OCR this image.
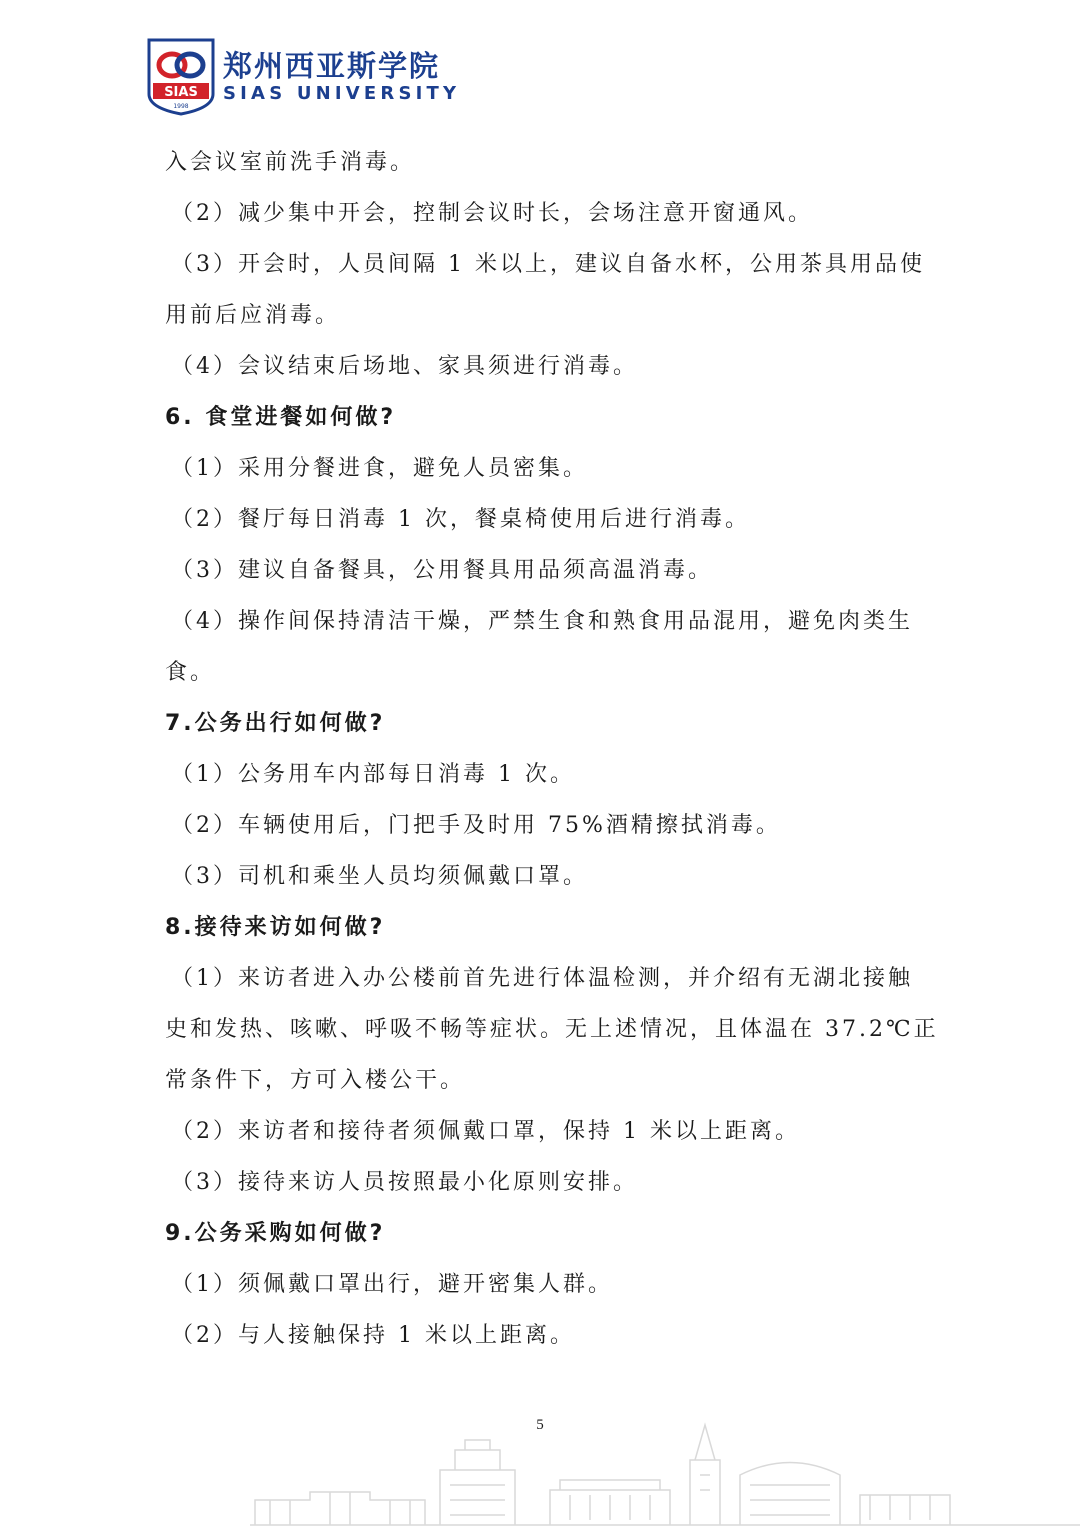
SIAS
1998
郑州西亚斯学院
SIAS UNIVERSITY
入会议室前洗手消毒。
（2）减少集中开会，控制会议时长，会场注意开窗通风。
（3）开会时，人员间隔 1 米以上，建议自备水杯，公用茶具用品使
用前后应消毒。
（4）会议结束后场地、家具须进行消毒。
6. 食堂进餐如何做?
（1）采用分餐进食，避免人员密集。
（2）餐厅每日消毒 1 次，餐桌椅使用后进行消毒。
（3）建议自备餐具，公用餐具用品须高温消毒。
（4）操作间保持清洁干燥，严禁生食和熟食用品混用，避免肉类生
食。
7.公务出行如何做?
（1）公务用车内部每日消毒 1 次。
（2）车辆使用后，门把手及时用 75%酒精擦拭消毒。
（3）司机和乘坐人员均须佩戴口罩。
8.接待来访如何做?
（1）来访者进入办公楼前首先进行体温检测，并介绍有无湖北接触
史和发热、咳嗽、呼吸不畅等症状。无上述情况，且体温在 37.2℃正
常条件下，方可入楼公干。
（2）来访者和接待者须佩戴口罩，保持 1 米以上距离。
（3）接待来访人员按照最小化原则安排。
9.公务采购如何做?
（1）须佩戴口罩出行，避开密集人群。
（2）与人接触保持 1 米以上距离。
5
